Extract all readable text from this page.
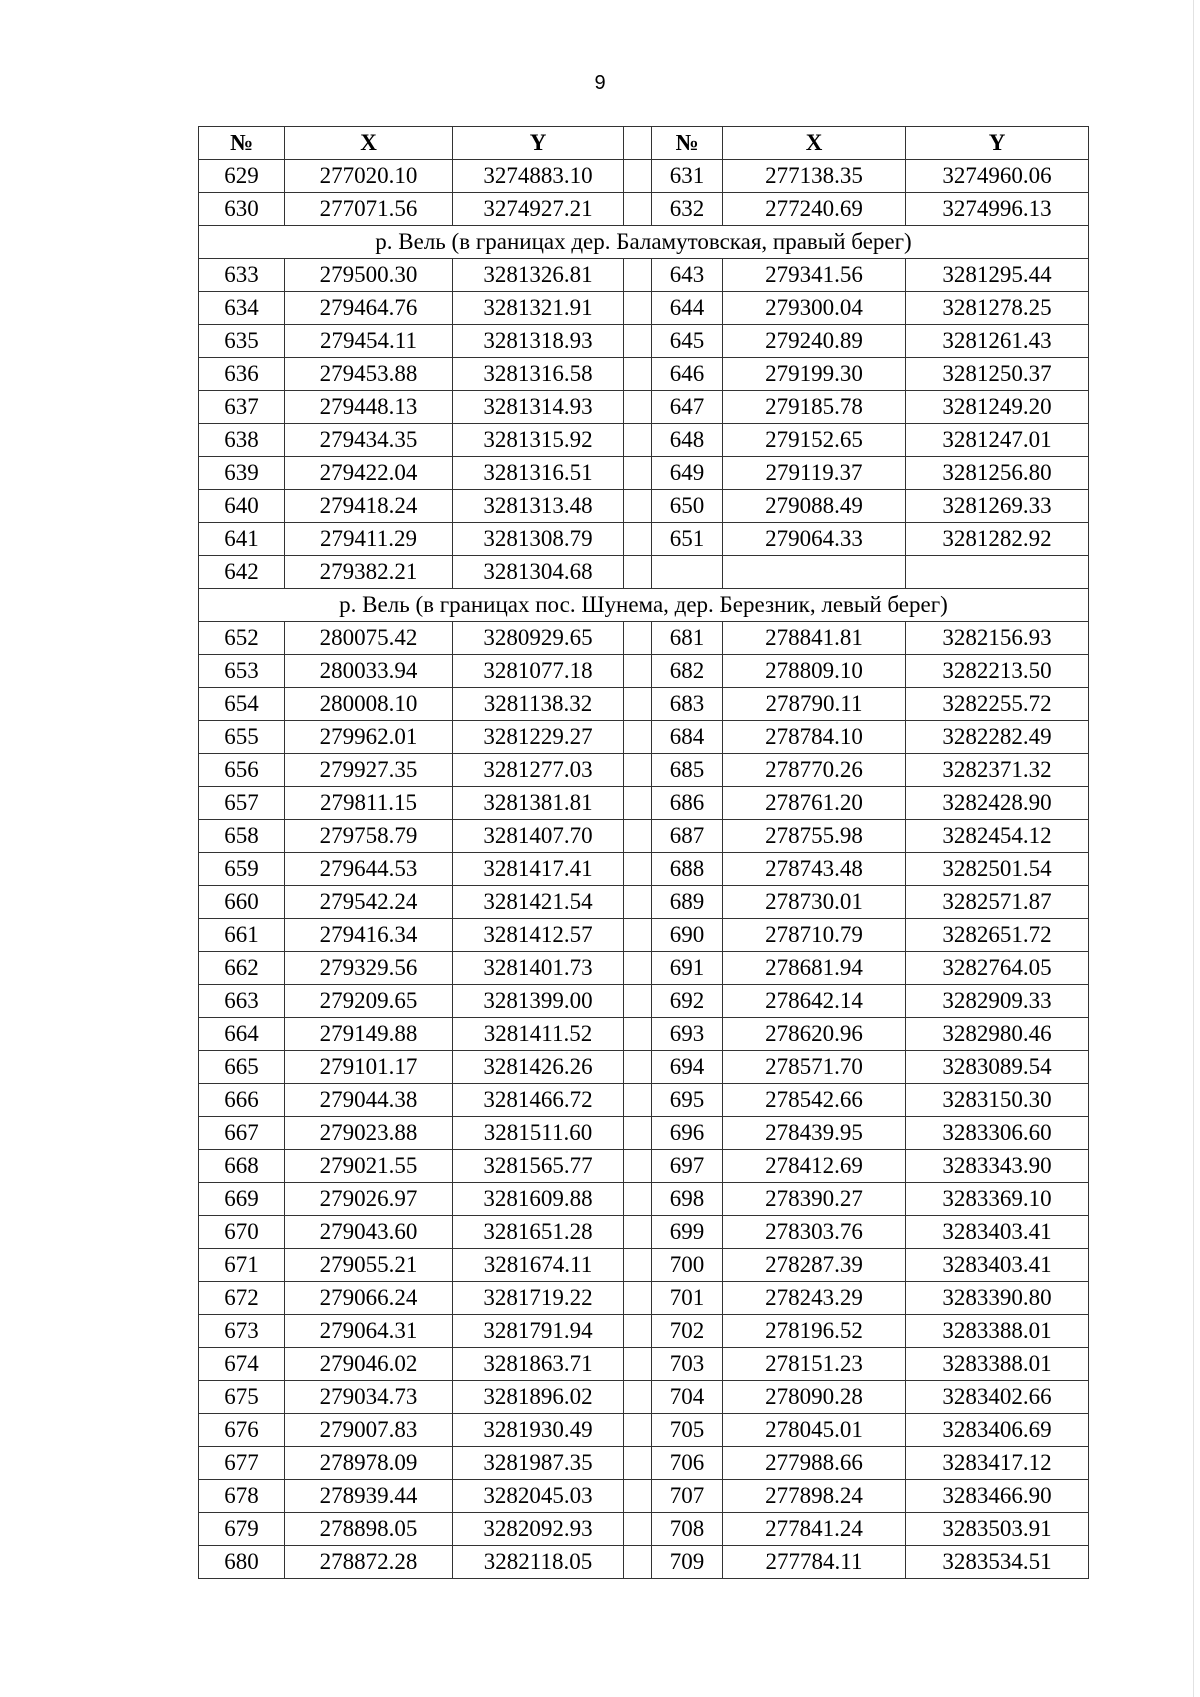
9
№	X	Y		№	X	Y
629	277020.10	3274883.10		631	277138.35	3274960.06
630	277071.56	3274927.21		632	277240.69	3274996.13
р. Вель (в границах дер. Баламутовская, правый берег)						
633	279500.30	3281326.81		643	279341.56	3281295.44
634	279464.76	3281321.91		644	279300.04	3281278.25
635	279454.11	3281318.93		645	279240.89	3281261.43
636	279453.88	3281316.58		646	279199.30	3281250.37
637	279448.13	3281314.93		647	279185.78	3281249.20
638	279434.35	3281315.92		648	279152.65	3281247.01
639	279422.04	3281316.51		649	279119.37	3281256.80
640	279418.24	3281313.48		650	279088.49	3281269.33
641	279411.29	3281308.79		651	279064.33	3281282.92
642	279382.21	3281304.68				
р. Вель (в границах пос. Шунема, дер. Березник, левый берег)						
652	280075.42	3280929.65		681	278841.81	3282156.93
653	280033.94	3281077.18		682	278809.10	3282213.50
654	280008.10	3281138.32		683	278790.11	3282255.72
655	279962.01	3281229.27		684	278784.10	3282282.49
656	279927.35	3281277.03		685	278770.26	3282371.32
657	279811.15	3281381.81		686	278761.20	3282428.90
658	279758.79	3281407.70		687	278755.98	3282454.12
659	279644.53	3281417.41		688	278743.48	3282501.54
660	279542.24	3281421.54		689	278730.01	3282571.87
661	279416.34	3281412.57		690	278710.79	3282651.72
662	279329.56	3281401.73		691	278681.94	3282764.05
663	279209.65	3281399.00		692	278642.14	3282909.33
664	279149.88	3281411.52		693	278620.96	3282980.46
665	279101.17	3281426.26		694	278571.70	3283089.54
666	279044.38	3281466.72		695	278542.66	3283150.30
667	279023.88	3281511.60		696	278439.95	3283306.60
668	279021.55	3281565.77		697	278412.69	3283343.90
669	279026.97	3281609.88		698	278390.27	3283369.10
670	279043.60	3281651.28		699	278303.76	3283403.41
671	279055.21	3281674.11		700	278287.39	3283403.41
672	279066.24	3281719.22		701	278243.29	3283390.80
673	279064.31	3281791.94		702	278196.52	3283388.01
674	279046.02	3281863.71		703	278151.23	3283388.01
675	279034.73	3281896.02		704	278090.28	3283402.66
676	279007.83	3281930.49		705	278045.01	3283406.69
677	278978.09	3281987.35		706	277988.66	3283417.12
678	278939.44	3282045.03		707	277898.24	3283466.90
679	278898.05	3282092.93		708	277841.24	3283503.91
680	278872.28	3282118.05		709	277784.11	3283534.51
